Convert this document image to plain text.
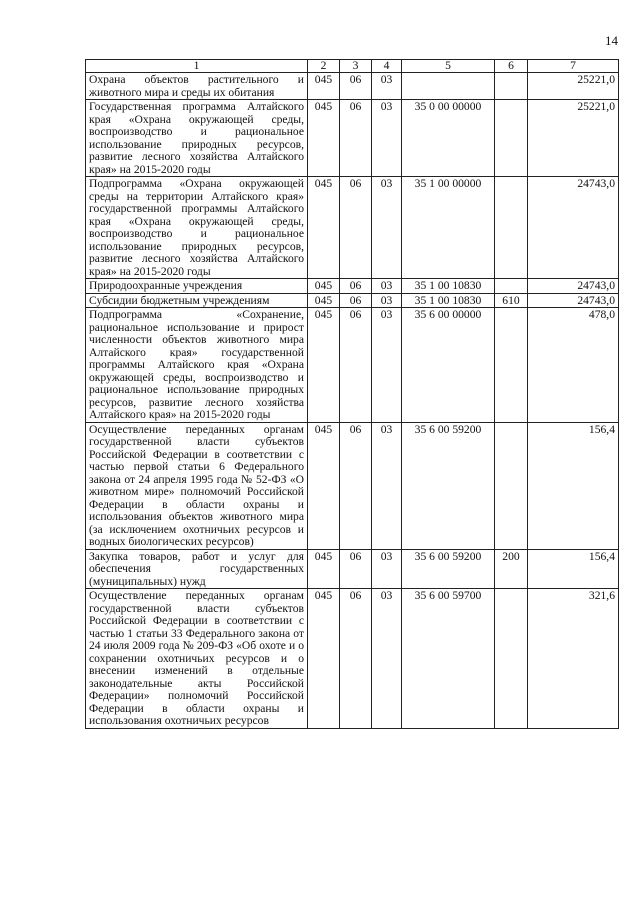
14
1	2	3	4	5	6	7
Охрана объектов растительного и животного мира и среды их обитания	045	06	03			25221,0
Государственная программа Алтайского края «Охрана окружающей среды, воспроизводство и рациональное использование природных ресурсов, развитие лесного хозяйства Алтайского края» на 2015-2020 годы	045	06	03	35 0 00 00000		25221,0
Подпрограмма «Охрана окружающей среды на территории Алтайского края» государственной программы Алтайского края «Охрана окружающей среды, воспроизводство и рациональное использование природных ресурсов, развитие лесного хозяйства Алтайского края» на 2015-2020 годы	045	06	03	35 1 00 00000		24743,0
Природоохранные учреждения	045	06	03	35 1 00 10830		24743,0
Субсидии бюджетным учреждениям	045	06	03	35 1 00 10830	610	24743,0
Подпрограмма «Сохранение, рациональное использование и прирост численности объектов животного мира Алтайского края» государственной программы Алтайского края «Охрана окружающей среды, воспроизводство и рациональное использование природных ресурсов, развитие лесного хозяйства Алтайского края» на 2015-2020 годы	045	06	03	35 6 00 00000		478,0
Осуществление переданных органам государственной власти субъектов Российской Федерации в соответствии с частью первой статьи 6 Федерального закона от 24 апреля 1995 года № 52-ФЗ «О животном мире» полномочий Российской Федерации в области охраны и использования объектов животного мира (за исключением охотничьих ресурсов и водных биологических ресурсов)	045	06	03	35 6 00 59200		156,4
Закупка товаров, работ и услуг для обеспечения государственных (муниципальных) нужд	045	06	03	35 6 00 59200	200	156,4
Осуществление переданных органам государственной власти субъектов Российской Федерации в соответствии с частью 1 статьи 33 Федерального закона от 24 июля 2009 года № 209-ФЗ «Об охоте и о сохранении охотничьих ресурсов и о внесении изменений в отдельные законодательные акты Российской Федерации» полномочий Российской Федерации в области охраны и использования охотничьих ресурсов	045	06	03	35 6 00 59700		321,6
